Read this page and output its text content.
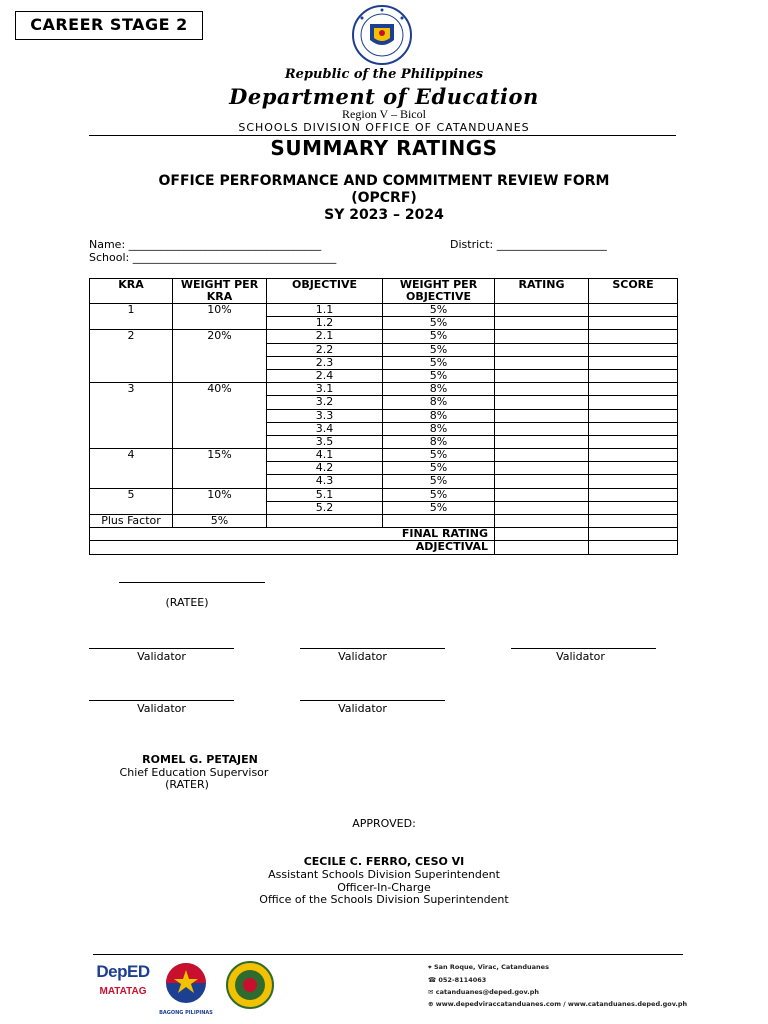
CAREER STAGE 2
Republic of the Philippines
Department of Education
Region V – Bicol
SCHOOLS DIVISION OFFICE OF CATANDUANES
SUMMARY RATINGS
OFFICE PERFORMANCE AND COMMITMENT REVIEW FORM
(OPCRF)
SY 2023 – 2024
Name: ___________________________________	District: ____________________
School: _____________________________________
KRA	WEIGHT PER KRA	OBJECTIVE	WEIGHT PER OBJECTIVE	RATING	SCORE
1	10%	1.1	5%		
		1.2	5%		
2	20%	2.1	5%		
		2.2	5%		
		2.3	5%		
		2.4	5%		
3	40%	3.1	8%		
		3.2	8%		
		3.3	8%		
		3.4	8%		
		3.5	8%		
4	15%	4.1	5%		
		4.2	5%		
		4.3	5%		
5	10%	5.1	5%		
		5.2	5%		
Plus Factor	5%				
FINAL RATING					
ADJECTIVAL					
(RATEE)
Validator	Validator	Validator
Validator	Validator
ROMEL G. PETAJEN
Chief Education Supervisor
(RATER)
APPROVED:
CECILE C. FERRO, CESO VI
Assistant Schools Division Superintendent
Officer-In-Charge
Office of the Schools Division Superintendent
DepED
MATATAG
BAGONG PILIPINAS
⌖ San Roque, Virac, Catanduanes
☎ 052-8114063
✉ catanduanes@deped.gov.ph
⊕ www.depedviraccatanduanes.com / www.catanduanes.deped.gov.ph
